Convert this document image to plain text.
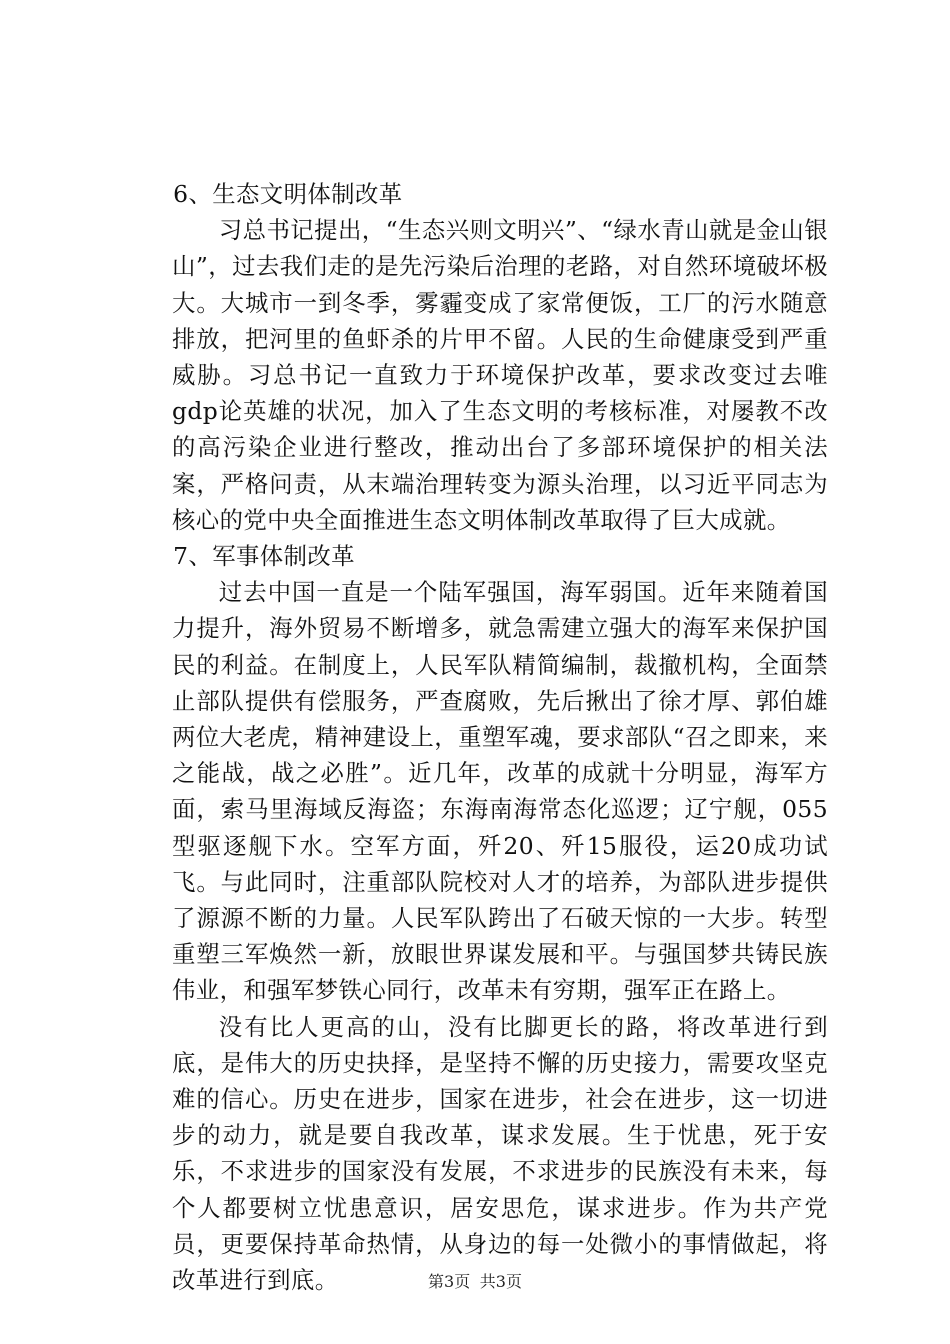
6、生态文明体制改革

习总书记提出，“生态兴则文明兴”、“绿水青山就是金山银山”，过去我们走的是先污染后治理的老路，对自然环境破坏极大。大城市一到冬季，雾霾变成了家常便饭，工厂的污水随意排放，把河里的鱼虾杀的片甲不留。人民的生命健康受到严重威胁。习总书记一直致力于环境保护改革，要求改变过去唯gdp论英雄的状况，加入了生态文明的考核标准，对屡教不改的高污染企业进行整改，推动出台了多部环境保护的相关法案，严格问责，从末端治理转变为源头治理，以习近平同志为核心的党中央全面推进生态文明体制改革取得了巨大成就。

7、军事体制改革

过去中国一直是一个陆军强国，海军弱国。近年来随着国力提升，海外贸易不断增多，就急需建立强大的海军来保护国民的利益。在制度上，人民军队精简编制，裁撤机构，全面禁止部队提供有偿服务，严查腐败，先后揪出了徐才厚、郭伯雄两位大老虎，精神建设上，重塑军魂，要求部队“召之即来，来之能战，战之必胜”。近几年，改革的成就十分明显，海军方面，索马里海域反海盗；东海南海常态化巡逻；辽宁舰，055型驱逐舰下水。空军方面，歼20、歼15服役，运20成功试飞。与此同时，注重部队院校对人才的培养，为部队进步提供了源源不断的力量。人民军队跨出了石破天惊的一大步。转型重塑三军焕然一新，放眼世界谋发展和平。与强国梦共铸民族伟业，和强军梦铁心同行，改革未有穷期，强军正在路上。

没有比人更高的山，没有比脚更长的路，将改革进行到底，是伟大的历史抉择，是坚持不懈的历史接力，需要攻坚克难的信心。历史在进步，国家在进步，社会在进步，这一切进步的动力，就是要自我改革，谋求发展。生于忧患，死于安乐，不求进步的国家没有发展，不求进步的民族没有未来，每个人都要树立忧患意识，居安思危，谋求进步。作为共产党员，更要保持革命热情，从身边的每一处微小的事情做起，将改革进行到底。	第3页 共3页
